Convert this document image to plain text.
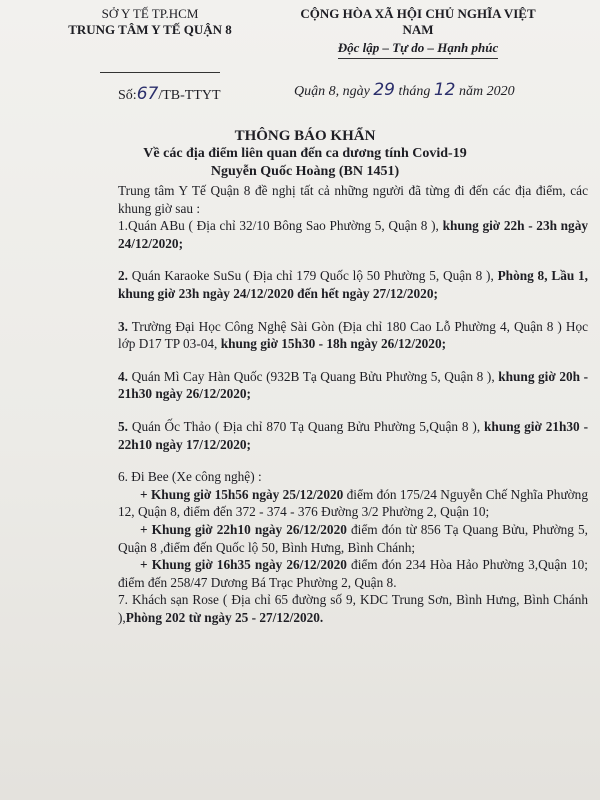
SỞ Y TẾ TP.HCM
TRUNG TÂM Y TẾ QUẬN 8
CỘNG HÒA XÃ HỘI CHỦ NGHĨA VIỆT
NAM
Độc lập – Tự do – Hạnh phúc
Số:67/TB-TTYT	Quận 8, ngày 29 tháng 12 năm 2020
THÔNG BÁO KHẨN
Về các địa điểm liên quan đến ca dương tính Covid-19
Nguyễn Quốc Hoàng (BN 1451)

Trung tâm Y Tế Quận 8 đề nghị tất cả những người đã từng đi đến các địa điểm, các khung giờ sau :

1.Quán ABu ( Địa chỉ 32/10 Bông Sao Phường 5, Quận 8 ), khung giờ 22h - 23h ngày 24/12/2020;

2. Quán Karaoke SuSu ( Địa chỉ 179 Quốc lộ 50 Phường 5, Quận 8 ), Phòng 8, Lầu 1, khung giờ 23h ngày 24/12/2020 đến hết ngày 27/12/2020;

3. Trường Đại Học Công Nghệ Sài Gòn (Địa chỉ 180 Cao Lỗ Phường 4, Quận 8 ) Học lớp D17 TP 03-04, khung giờ 15h30 - 18h ngày 26/12/2020;

4. Quán Mì Cay Hàn Quốc (932B Tạ Quang Bửu Phường 5, Quận 8 ), khung giờ 20h - 21h30 ngày 26/12/2020;

5. Quán Ốc Thảo ( Địa chỉ 870 Tạ Quang Bửu Phường 5,Quận 8 ), khung giờ 21h30 - 22h10 ngày 17/12/2020;

6. Đi Bee (Xe công nghệ) :

+ Khung giờ 15h56 ngày 25/12/2020 điểm đón 175/24 Nguyễn Chế Nghĩa Phường 12, Quận 8, điểm đến 372 - 374 - 376 Đường 3/2 Phường 2, Quận 10;

+ Khung giờ 22h10 ngày 26/12/2020 điểm đón từ 856 Tạ Quang Bửu, Phường 5, Quận 8 ,điểm đến Quốc lộ 50, Bình Hưng, Bình Chánh;

+ Khung giờ 16h35 ngày 26/12/2020 điểm đón 234 Hòa Hảo Phường 3,Quận 10; điểm đến 258/47 Dương Bá Trạc Phường 2, Quận 8.

7. Khách sạn Rose ( Địa chỉ 65 đường số 9, KDC Trung Sơn, Bình Hưng, Bình Chánh ),Phòng 202 từ ngày 25 - 27/12/2020.
